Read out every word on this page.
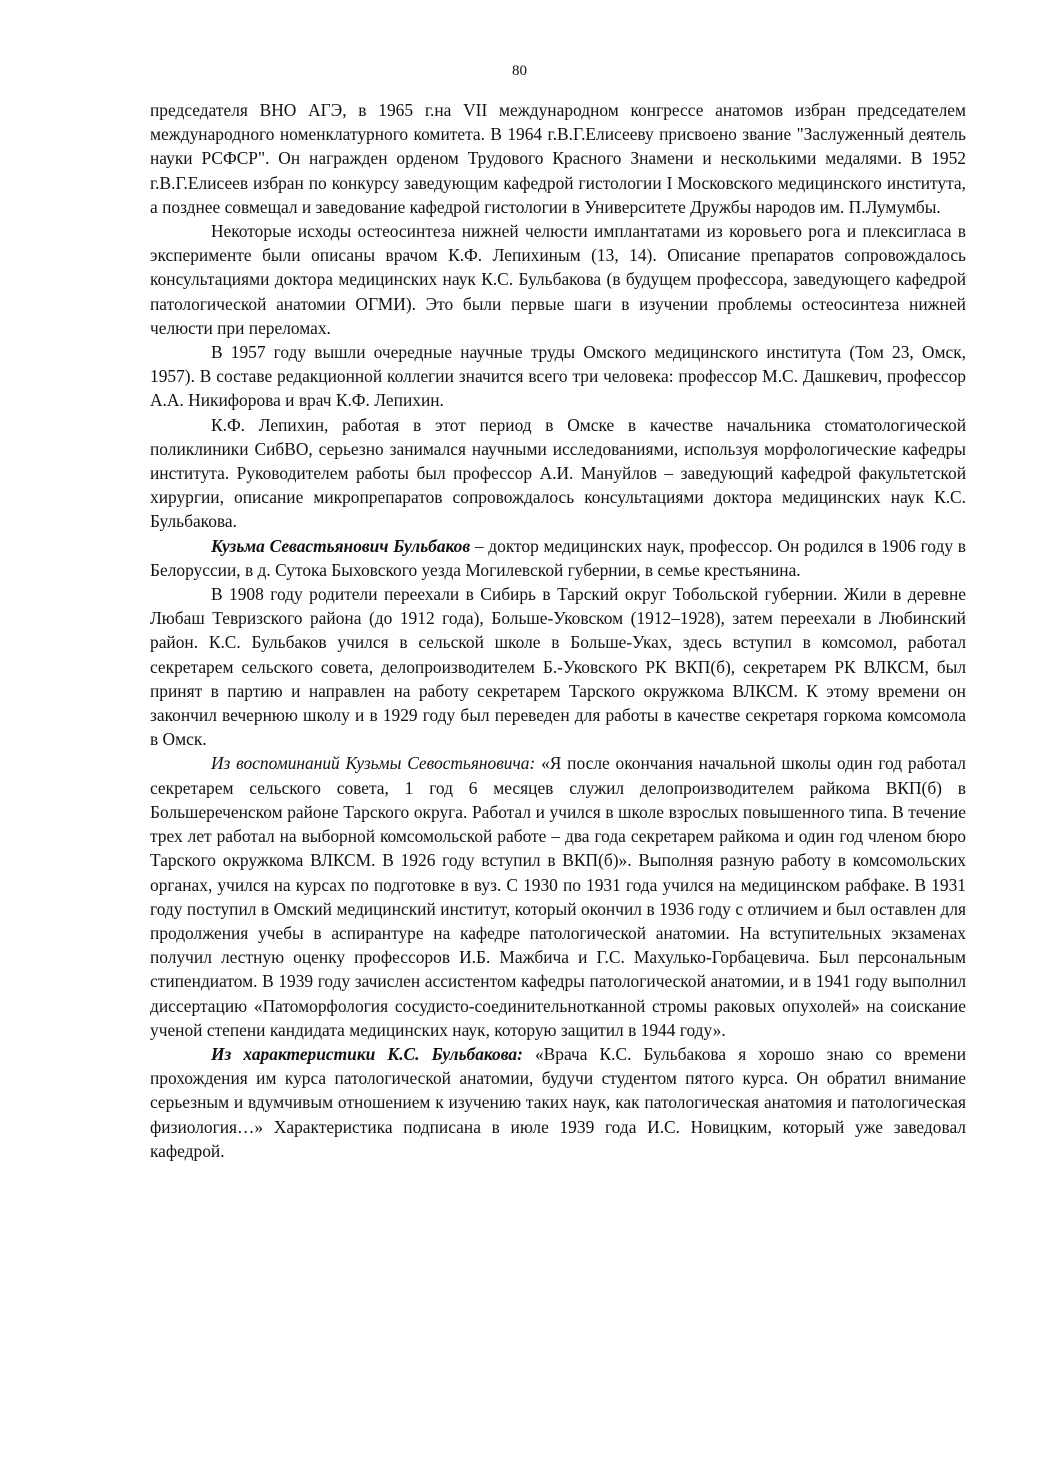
80

председателя ВНО АГЭ, в 1965 г.на VII международном конгрессе анатомов избран председателем международного номенклатурного комитета. В 1964 г.В.Г.Елисееву присвоено звание "Заслуженный деятель науки РСФСР". Он награжден орденом Трудового Красного Знамени и несколькими медалями. В 1952 г.В.Г.Елисеев избран по конкурсу заведующим кафедрой гистологии I Московского медицинского института, а позднее совмещал и заведование кафедрой гистологии в Университете Дружбы народов им. П.Лумумбы.

Некоторые исходы остеосинтеза нижней челюсти имплантатами из коровьего рога и плексигласа в эксперименте были описаны врачом К.Ф. Лепихиным (13, 14). Описание препаратов сопровождалось консультациями доктора медицинских наук К.С. Бульбакова (в будущем профессора, заведующего кафедрой патологической анатомии ОГМИ). Это были первые шаги в изучении проблемы остеосинтеза нижней челюсти при переломах.

В 1957 году вышли очередные научные труды Омского медицинского института (Том 23, Омск, 1957). В составе редакционной коллегии значится всего три человека: профессор М.С. Дашкевич, профессор А.А. Никифорова и врач К.Ф. Лепихин.

К.Ф. Лепихин, работая в этот период в Омске в качестве начальника стоматологической поликлиники СибВО, серьезно занимался научными исследованиями, используя морфологические кафедры института. Руководителем работы был профессор А.И. Мануйлов – заведующий кафедрой факультетской хирургии, описание микропрепаратов сопровождалось консультациями доктора медицинских наук К.С. Бульбакова.

Кузьма Севастьянович Бульбаков – доктор медицинских наук, профессор. Он родился в 1906 году в Белоруссии, в д. Сутока Быховского уезда Могилевской губернии, в семье крестьянина.

В 1908 году родители переехали в Сибирь в Тарский округ Тобольской губернии. Жили в деревне Любаш Тевризского района (до 1912 года), Больше-Уковском (1912–1928), затем переехали в Любинский район. К.С. Бульбаков учился в сельской школе в Больше-Уках, здесь вступил в комсомол, работал секретарем сельского совета, делопроизводителем Б.-Уковского РК ВКП(б), секретарем РК ВЛКСМ, был принят в партию и направлен на работу секретарем Тарского окружкома ВЛКСМ. К этому времени он закончил вечернюю школу и в 1929 году был переведен для работы в качестве секретаря горкома комсомола в Омск.

Из воспоминаний Кузьмы Севостьяновича: «Я после окончания начальной школы один год работал секретарем сельского совета, 1 год 6 месяцев служил делопроизводителем райкома ВКП(б) в Большереченском районе Тарского округа. Работал и учился в школе взрослых повышенного типа. В течение трех лет работал на выборной комсомольской работе – два года секретарем райкома и один год членом бюро Тарского окружкома ВЛКСМ. В 1926 году вступил в ВКП(б)». Выполняя разную работу в комсомольских органах, учился на курсах по подготовке в вуз. С 1930 по 1931 года учился на медицинском рабфаке. В 1931 году поступил в Омский медицинский институт, который окончил в 1936 году с отличием и был оставлен для продолжения учебы в аспирантуре на кафедре патологической анатомии. На вступительных экзаменах получил лестную оценку профессоров И.Б. Мажбича и Г.С. Махулько-Горбацевича. Был персональным стипендиатом. В 1939 году зачислен ассистентом кафедры патологической анатомии, и в 1941 году выполнил диссертацию «Патоморфология сосудисто-соединительнотканной стромы раковых опухолей» на соискание ученой степени кандидата медицинских наук, которую защитил в 1944 году».

Из характеристики К.С. Бульбакова: «Врача К.С. Бульбакова я хорошо знаю со времени прохождения им курса патологической анатомии, будучи студентом пятого курса. Он обратил внимание серьезным и вдумчивым отношением к изучению таких наук, как патологическая анатомия и патологическая физиология…» Характеристика подписана в июле 1939 года И.С. Новицким, который уже заведовал кафедрой.
